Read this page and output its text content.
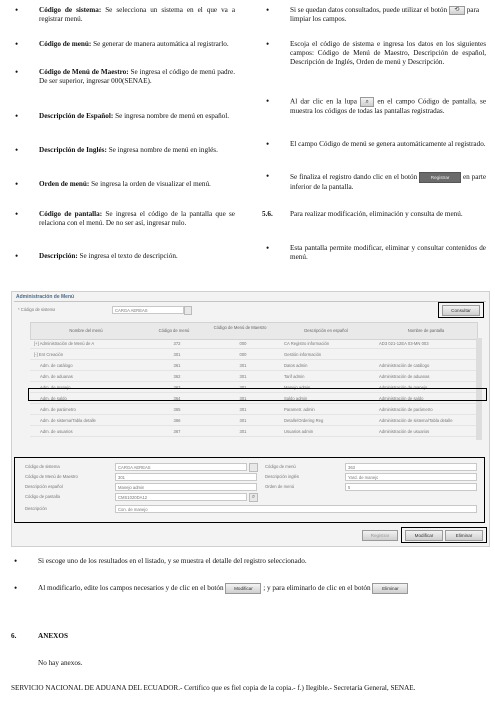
• Código de sistema: Se selecciona un sistema en el que va a registrar menú.
• Código de menú: Se generar de manera automática al registrarlo.
• Código de Menú de Maestro: Se ingresa el código de menú padre. De ser superior, ingresar 000(SENAE).
• Descripción de Español: Se ingresa nombre de menú en español.
• Descripción de Inglés: Se ingresa nombre de menú en inglés.
• Orden de menú: Se ingresa la orden de visualizar el menú.
• Código de pantalla: Se ingresa el código de la pantalla que se relaciona con el menú. De no ser así, ingresar nulo.
• Descripción: Se ingresa el texto de descripción.
• Si se quedan datos consultados, puede utilizar el botón ⟲ para limpiar los campos.
• Escoja el código de sistema e ingresa los datos en los siguientes campos: Código de Menú de Maestro, Descripción de español, Descripción de Inglés, Orden de menú y Descripción.
• Al dar clic en la lupa ⌕ en el campo Código de pantalla, se muestra los códigos de todas las pantallas registradas.
• El campo Código de menú se genera automáticamente al registrado.
• Se finaliza el registro dando clic en el botón	Registrar en parte inferior de la pantalla.
5.6. Para realizar modificación, eliminación y consulta de menú.
• Esta pantalla permite modificar, eliminar y consultar contenidos de menú.
Administración de Menú
* Código de sistema	CARGA AEREAS	Consultar
Nombre del menú	Código de menú
Código de Menú de Maestro
Descripción en español	Nombre de pantalla
[+] Administración de Menú de A	372	000	CA Registro información	AD3 021-12EA 03-MN 003
[-] Ent Creación	301	000	Gestión información
Adm. de catálogo	361	301	Datos admin	Administración de catálogo
Adm. de aduanas	362	301	Tarif admin	Administración de aduanas
Adm. de manejo	363	301	Manejo admin	Administración de manejo
Adm. de saldo	364	301	Saldo admin	Administración de saldo
Adm. de parámetro	365	301	Parametr. admin	Administración de parámetro
Adm. de sistema/Tabla detalle	366	301	Detalle/Ordering Reg	Administración de sistema/Tabla detalle
Adm. de usuarios	367	301	Usuarios admin	Administración de usuarios
Código de sistema	CARGA AEREAS
Código de Menú de Maestro	301
Descripción español	Manejo admin
Código de pantalla	CMS1020DA12	⌕
Descripción	Con. de manejo
Código de menú	363
Descripción inglés	Yard. de manejo
Orden de menú	5
Registrar	Modificar	Eliminar
• Si escoge uno de los resultados en el listado, y se muestra el detalle del registro seleccionado.
• Al modificarlo, edite los campos necesarios y de clic en el botón Modificar ; y para eliminarlo de clic en el botón	Eliminar
6.	ANEXOS
No hay anexos.
SERVICIO NACIONAL DE ADUANA DEL ECUADOR.- Certifico que es fiel copia de la copia.- f.) Ilegible.- Secretaría General, SENAE.
